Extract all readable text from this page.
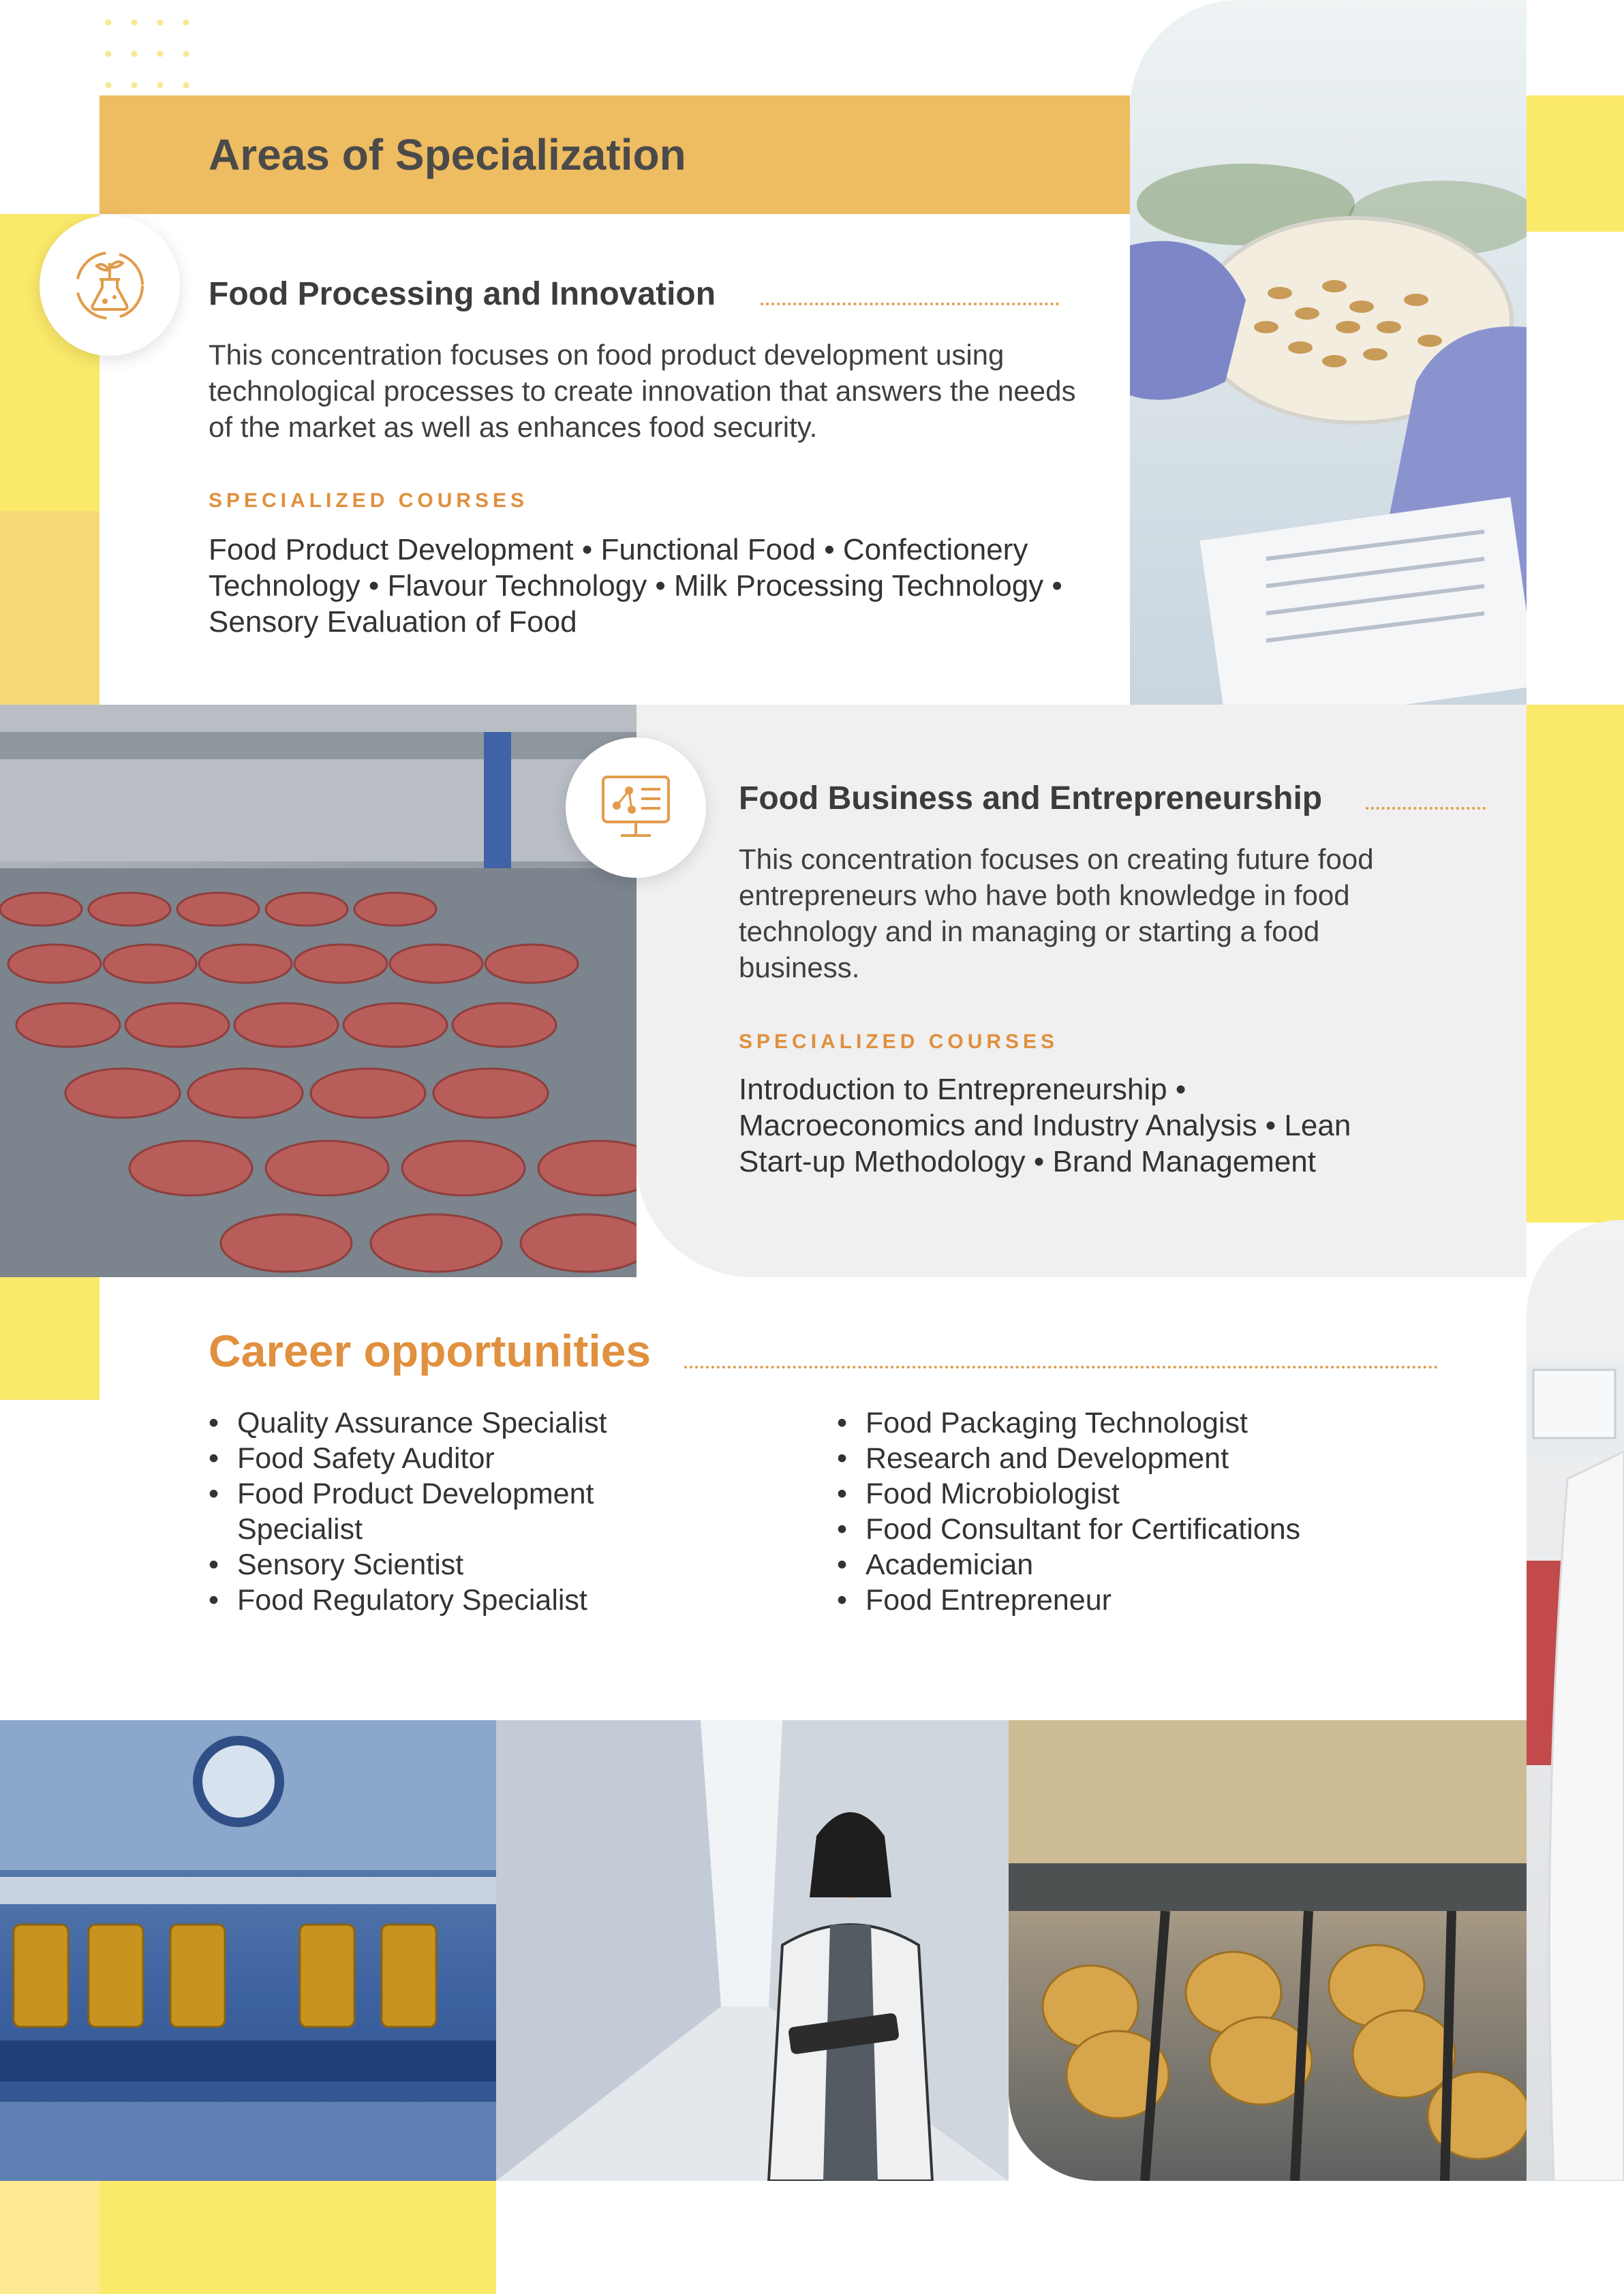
Areas of Specialization
Food Processing and Innovation
This concentration focuses on food product development using technological processes to create innovation that answers the needs of the market as well as enhances food security.
SPECIALIZED COURSES
Food Product Development • Functional Food • Confectionery Technology • Flavour Technology • Milk Processing Technology • Sensory Evaluation of Food
Food Business and Entrepreneurship
This concentration focuses on creating future food entrepreneurs who have both knowledge in food technology and in managing or starting a food business.
SPECIALIZED COURSES
Introduction to Entrepreneurship • Macroeconomics and Industry Analysis • Lean Start-up Methodology • Brand Management
Career opportunities
• Quality Assurance Specialist
• Food Safety Auditor
• Food Product Development Specialist
• Sensory Scientist
• Food Regulatory Specialist
• Food Packaging Technologist
• Research and Development
• Food Microbiologist
• Food Consultant for Certifications
• Academician
• Food Entrepreneur
